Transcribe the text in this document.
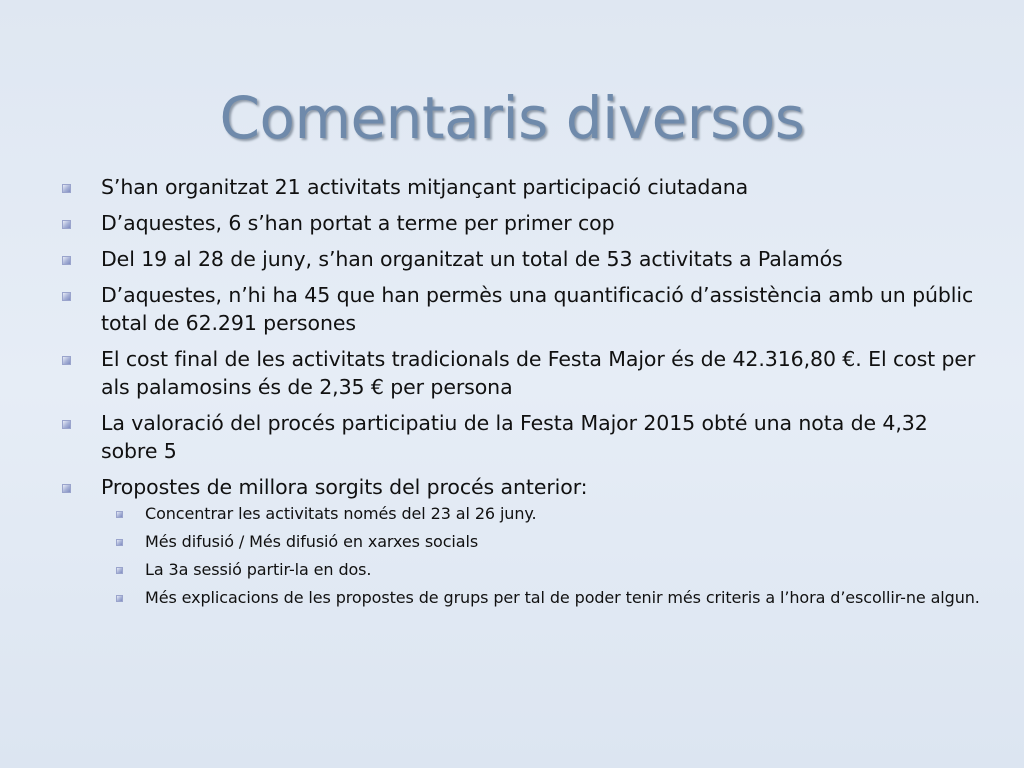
Comentaris diversos
S’han organitzat 21 activitats mitjançant participació ciutadana
D’aquestes, 6 s’han portat a terme per primer cop
Del 19 al 28 de juny, s’han organitzat un total de 53 activitats a Palamós
D’aquestes, n’hi ha 45 que han permès una quantificació d’assistència amb un públic total de 62.291 persones
El cost final de les activitats tradicionals de Festa Major és de 42.316,80 €. El cost per als palamosins és de 2,35 € per persona
La valoració del procés participatiu de la Festa Major 2015 obté una nota de 4,32 sobre 5
Propostes de millora sorgits del procés anterior:
Concentrar les activitats només del 23 al 26 juny.
Més difusió / Més difusió en xarxes socials
La 3a sessió partir-la en dos.
Més explicacions de les propostes de grups per tal de poder tenir més criteris a l’hora d’escollir-ne algun.
